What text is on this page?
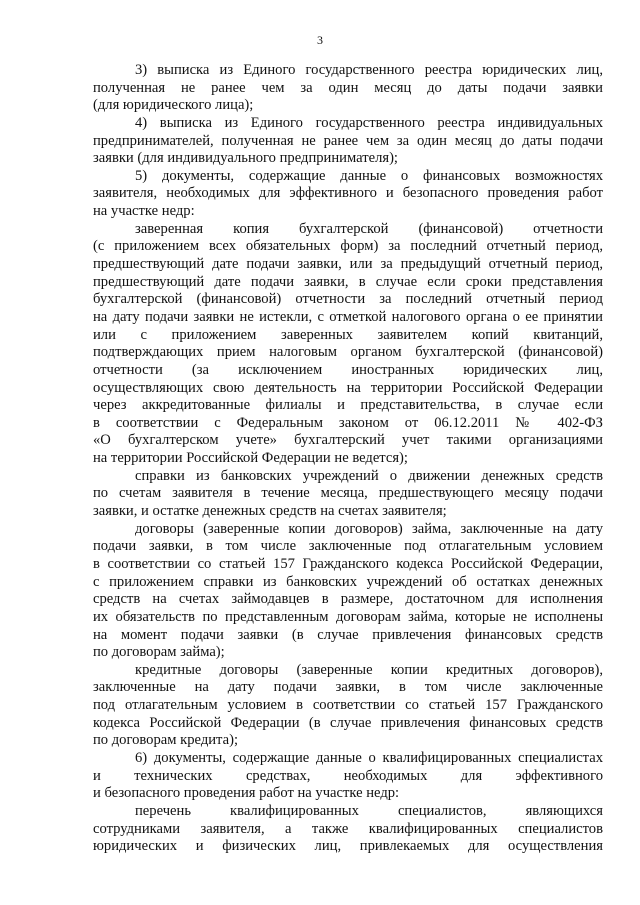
3
3) выписка из Единого государственного реестра юридических лиц,
полученная не ранее чем за один месяц до даты подачи заявки
(для юридического лица);
4) выписка из Единого государственного реестра индивидуальных
предпринимателей, полученная не ранее чем за один месяц до даты подачи
заявки (для индивидуального предпринимателя);
5) документы, содержащие данные о финансовых возможностях
заявителя, необходимых для эффективного и безопасного проведения работ
на участке недр:
заверенная копия бухгалтерской (финансовой) отчетности
(с приложением всех обязательных форм) за последний отчетный период,
предшествующий дате подачи заявки, или за предыдущий отчетный период,
предшествующий дате подачи заявки, в случае если сроки представления
бухгалтерской (финансовой) отчетности за последний отчетный период
на дату подачи заявки не истекли, с отметкой налогового органа о ее принятии
или с приложением заверенных заявителем копий квитанций,
подтверждающих прием налоговым органом бухгалтерской (финансовой)
отчетности (за исключением иностранных юридических лиц,
осуществляющих свою деятельность на территории Российской Федерации
через аккредитованные филиалы и представительства, в случае если
в соответствии с Федеральным законом от 06.12.2011 № 402-ФЗ
«О бухгалтерском учете» бухгалтерский учет такими организациями
на территории Российской Федерации не ведется);
справки из банковских учреждений о движении денежных средств
по счетам заявителя в течение месяца, предшествующего месяцу подачи
заявки, и остатке денежных средств на счетах заявителя;
договоры (заверенные копии договоров) займа, заключенные на дату
подачи заявки, в том числе заключенные под отлагательным условием
в соответствии со статьей 157 Гражданского кодекса Российской Федерации,
с приложением справки из банковских учреждений об остатках денежных
средств на счетах займодавцев в размере, достаточном для исполнения
их обязательств по представленным договорам займа, которые не исполнены
на момент подачи заявки (в случае привлечения финансовых средств
по договорам займа);
кредитные договоры (заверенные копии кредитных договоров),
заключенные на дату подачи заявки, в том числе заключенные
под отлагательным условием в соответствии со статьей 157 Гражданского
кодекса Российской Федерации (в случае привлечения финансовых средств
по договорам кредита);
6) документы, содержащие данные о квалифицированных специалистах
и технических средствах, необходимых для эффективного
и безопасного проведения работ на участке недр:
перечень квалифицированных специалистов, являющихся
сотрудниками заявителя, а также квалифицированных специалистов
юридических и физических лиц, привлекаемых для осуществления
